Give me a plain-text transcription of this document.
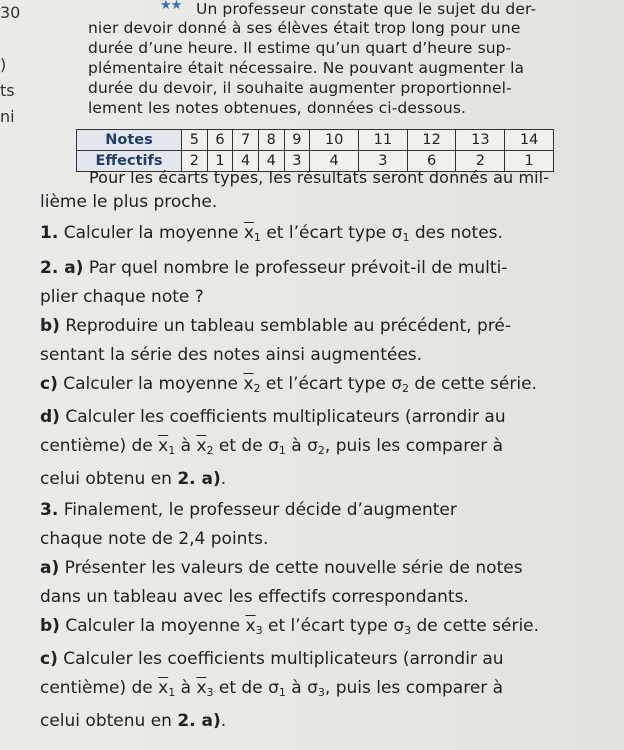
30
)
ts
ni
★★ Un professeur constate que le sujet du der-
nier devoir donné à ses élèves était trop long pour une
durée d’une heure. Il estime qu’un quart d’heure sup-
plémentaire était nécessaire. Ne pouvant augmenter la
durée du devoir, il souhaite augmenter proportionnel-
lement les notes obtenues, données ci-dessous.
Notes	5	6	7	8	9	10	11	12	13	14
Effectifs	2	1	4	4	3	4	3	6	2	1
Pour les écarts types, les résultats seront donnés au mil-

lième le plus proche.

1. Calculer la moyenne $\overline{x}_1$ et l’écart type $\sigma_1$ des notes.

2. a) Par quel nombre le professeur prévoit-il de multi-
plier chaque note ?

b) Reproduire un tableau semblable au précédent, pré-
sentant la série des notes ainsi augmentées.

c) Calculer la moyenne $\overline{x}_2$ et l’écart type $\sigma_2$ de cette série.

d) Calculer les coefficients multiplicateurs (arrondir au
centième) de $\overline{x}_1$ à $\overline{x}_2$ et de $\sigma_1$ à $\sigma_2$, puis les comparer à
celui obtenu en 2. a).

3. Finalement, le professeur décide d’augmenter
chaque note de 2,4 points.

a) Présenter les valeurs de cette nouvelle série de notes
dans un tableau avec les effectifs correspondants.

b) Calculer la moyenne $\overline{x}_3$ et l’écart type $\sigma_3$ de cette série.

c) Calculer les coefficients multiplicateurs (arrondir au
centième) de $\overline{x}_1$ à $\overline{x}_3$ et de $\sigma_1$ à $\sigma_3$, puis les comparer à
celui obtenu en 2. a).
